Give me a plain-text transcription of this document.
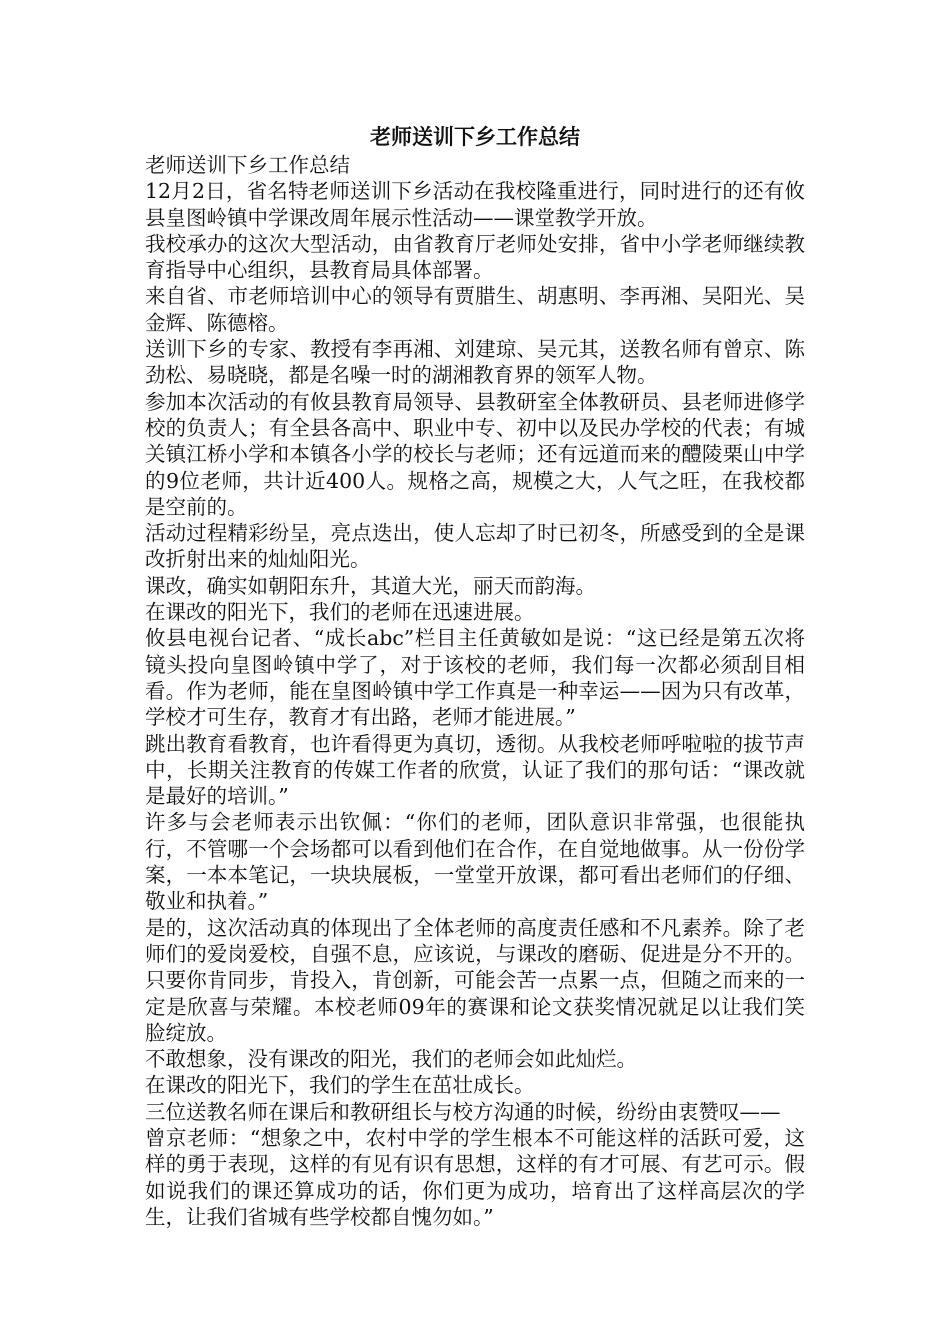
老师送训下乡工作总结

老师送训下乡工作总结

12月2日，省名特老师送训下乡活动在我校隆重进行，同时进行的还有攸县皇图岭镇中学课改周年展示性活动——课堂教学开放。

我校承办的这次大型活动，由省教育厅老师处安排，省中小学老师继续教育指导中心组织，县教育局具体部署。

来自省、市老师培训中心的领导有贾腊生、胡惠明、李再湘、吴阳光、吴金辉、陈德榕。

送训下乡的专家、教授有李再湘、刘建琼、吴元其，送教名师有曾京、陈劲松、易晓晓，都是名噪一时的湖湘教育界的领军人物。

参加本次活动的有攸县教育局领导、县教研室全体教研员、县老师进修学校的负责人；有全县各高中、职业中专、初中以及民办学校的代表；有城关镇江桥小学和本镇各小学的校长与老师；还有远道而来的醴陵栗山中学的9位老师，共计近400人。规格之高，规模之大，人气之旺，在我校都是空前的。

活动过程精彩纷呈，亮点迭出，使人忘却了时已初冬，所感受到的全是课改折射出来的灿灿阳光。

课改，确实如朝阳东升，其道大光，丽天而韵海。

在课改的阳光下，我们的老师在迅速进展。

攸县电视台记者、“成长abc”栏目主任黄敏如是说：“这已经是第五次将镜头投向皇图岭镇中学了，对于该校的老师，我们每一次都必须刮目相看。作为老师，能在皇图岭镇中学工作真是一种幸运——因为只有改革，学校才可生存，教育才有出路，老师才能进展。”

跳出教育看教育，也许看得更为真切，透彻。从我校老师呼啦啦的拔节声中，长期关注教育的传媒工作者的欣赏，认证了我们的那句话：“课改就是最好的培训。”

许多与会老师表示出钦佩：“你们的老师，团队意识非常强，也很能执行，不管哪一个会场都可以看到他们在合作，在自觉地做事。从一份份学案，一本本笔记，一块块展板，一堂堂开放课，都可看出老师们的仔细、敬业和执着。”

是的，这次活动真的体现出了全体老师的高度责任感和不凡素养。除了老师们的爱岗爱校，自强不息，应该说，与课改的磨砺、促进是分不开的。只要你肯同步，肯投入，肯创新，可能会苦一点累一点，但随之而来的一定是欣喜与荣耀。本校老师09年的赛课和论文获奖情况就足以让我们笑脸绽放。

不敢想象，没有课改的阳光，我们的老师会如此灿烂。

在课改的阳光下，我们的学生在茁壮成长。

三位送教名师在课后和教研组长与校方沟通的时候，纷纷由衷赞叹——

曾京老师：“想象之中，农村中学的学生根本不可能这样的活跃可爱，这样的勇于表现，这样的有见有识有思想，这样的有才可展、有艺可示。假如说我们的课还算成功的话，你们更为成功，培育出了这样高层次的学生，让我们省城有些学校都自愧勿如。”
